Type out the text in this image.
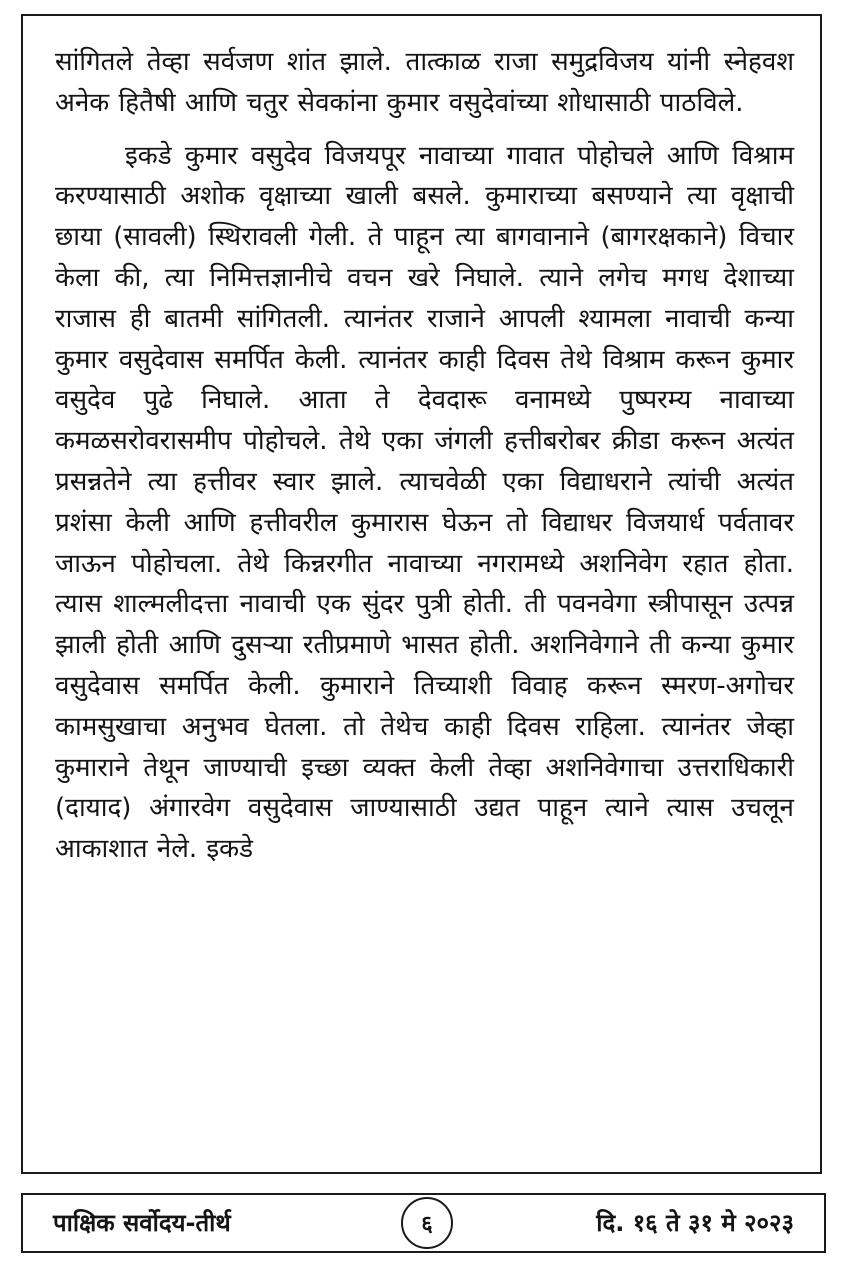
सांगितले तेव्हा सर्वजण शांत झाले. तात्काळ राजा समुद्रविजय यांनी स्नेहवश अनेक हितैषी आणि चतुर सेवकांना कुमार वसुदेवांच्या शोधासाठी पाठविले.

इकडे कुमार वसुदेव विजयपूर नावाच्या गावात पोहोचले आणि विश्राम करण्यासाठी अशोक वृक्षाच्या खाली बसले. कुमाराच्या बसण्याने त्या वृक्षाची छाया (सावली) स्थिरावली गेली. ते पाहून त्या बागवानाने (बागरक्षकाने) विचार केला की, त्या निमित्तज्ञानीचे वचन खरे निघाले. त्याने लगेच मगध देशाच्या राजास ही बातमी सांगितली. त्यानंतर राजाने आपली श्यामला नावाची कन्या कुमार वसुदेवास समर्पित केली. त्यानंतर काही दिवस तेथे विश्राम करून कुमार वसुदेव पुढे निघाले. आता ते देवदारू वनामध्ये पुष्परम्य नावाच्या कमळसरोवरासमीप पोहोचले. तेथे एका जंगली हत्तीबरोबर क्रीडा करून अत्यंत प्रसन्नतेने त्या हत्तीवर स्वार झाले. त्याचवेळी एका विद्याधराने त्यांची अत्यंत प्रशंसा केली आणि हत्तीवरील कुमारास घेऊन तो विद्याधर विजयार्ध पर्वतावर जाऊन पोहोचला. तेथे किन्नरगीत नावाच्या नगरामध्ये अशनिवेग रहात होता. त्यास शाल्मलीदत्ता नावाची एक सुंदर पुत्री होती. ती पवनवेगा स्त्रीपासून उत्पन्न झाली होती आणि दुसऱ्या रतीप्रमाणे भासत होती. अशनिवेगाने ती कन्या कुमार वसुदेवास समर्पित केली. कुमाराने तिच्याशी विवाह करून स्मरण-अगोचर कामसुखाचा अनुभव घेतला. तो तेथेच काही दिवस राहिला. त्यानंतर जेव्हा कुमाराने तेथून जाण्याची इच्छा व्यक्त केली तेव्हा अशनिवेगाचा उत्तराधिकारी (दायाद) अंगारवेग वसुदेवास जाण्यासाठी उद्यत पाहून त्याने त्यास उचलून आकाशात नेले. इकडे

पाक्षिक सर्वोदय-तीर्थ	६	दि. १६ ते ३१ मे २०२३
